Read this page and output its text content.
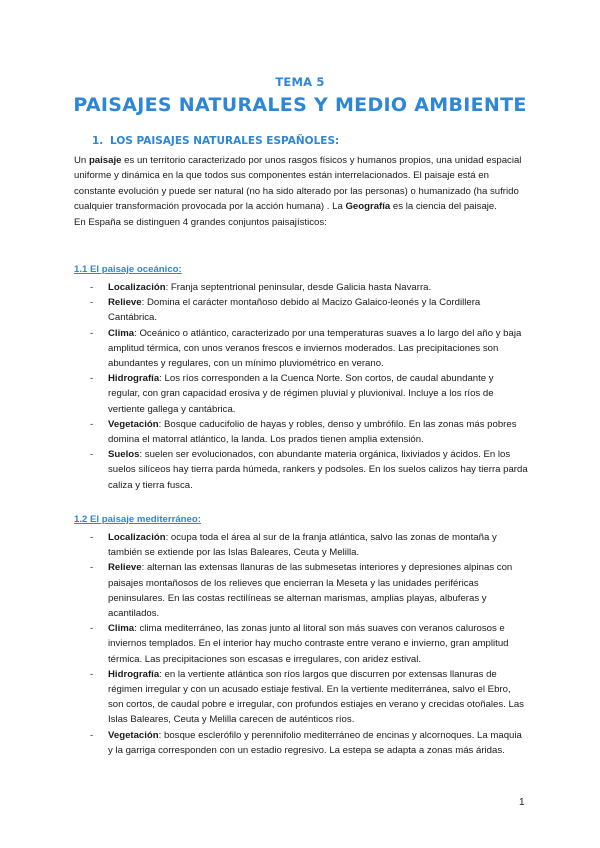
TEMA 5
PAISAJES NATURALES Y MEDIO AMBIENTE
1. LOS PAISAJES NATURALES ESPAÑOLES:

Un paisaje es un territorio caracterizado por unos rasgos físicos y humanos propios, una unidad espacial uniforme y dinámica en la que todos sus componentes están interrelacionados. El paisaje está en constante evolución y puede ser natural (no ha sido alterado por las personas) o humanizado (ha sufrido cualquier transformación provocada por la acción humana) . La Geografía es la ciencia del paisaje.

En España se distinguen 4 grandes conjuntos paisajísticos:

1.1 El paisaje oceánico:
- Localización: Franja septentrional peninsular, desde Galicia hasta Navarra.
- Relieve: Domina el carácter montañoso debido al Macizo Galaico-leonés y la Cordillera Cantábrica.
- Clima: Oceánico o atlántico, caracterizado por una temperaturas suaves a lo largo del año y baja amplitud térmica, con unos veranos frescos e inviernos moderados. Las precipitaciones son abundantes y regulares, con un mínimo pluviométrico en verano.
- Hidrografía: Los ríos corresponden a la Cuenca Norte. Son cortos, de caudal abundante y regular, con gran capacidad erosiva y de régimen pluvial y pluvionival. Incluye a los ríos de vertiente gallega y cantábrica.
- Vegetación: Bosque caducifolio de hayas y robles, denso y umbrófilo. En las zonas más pobres domina el matorral atlántico, la landa. Los prados tienen amplia extensión.
- Suelos: suelen ser evolucionados, con abundante materia orgánica, lixiviados y ácidos. En los suelos silíceos hay tierra parda húmeda, rankers y podsoles. En los suelos calizos hay tierra parda caliza y tierra fusca.
1.2 El paisaje mediterráneo:
- Localización: ocupa toda el área al sur de la franja atlántica, salvo las zonas de montaña y también se extiende por las Islas Baleares, Ceuta y Melilla.
- Relieve: alternan las extensas llanuras de las submesetas interiores y depresiones alpinas con paisajes montañosos de los relieves que encierran la Meseta y las unidades periféricas peninsulares. En las costas rectilíneas se alternan marismas, amplias playas, albuferas y acantilados.
- Clima: clima mediterráneo, las zonas junto al litoral son más suaves con veranos calurosos e inviernos templados. En el interior hay mucho contraste entre verano e invierno, gran amplitud térmica. Las precipitaciones son escasas e irregulares, con aridez estival.
- Hidrografía: en la vertiente atlántica son ríos largos que discurren por extensas llanuras de régimen irregular y con un acusado estiaje festival. En la vertiente mediterránea, salvo el Ebro, son cortos, de caudal pobre e irregular, con profundos estiajes en verano y crecidas otoñales. Las Islas Baleares, Ceuta y Melilla carecen de auténticos ríos.
- Vegetación: bosque esclerófilo y perennifolio mediterráneo de encinas y alcornoques. La maquia y la garriga corresponden con un estadio regresivo. La estepa se adapta a zonas más áridas.
1
